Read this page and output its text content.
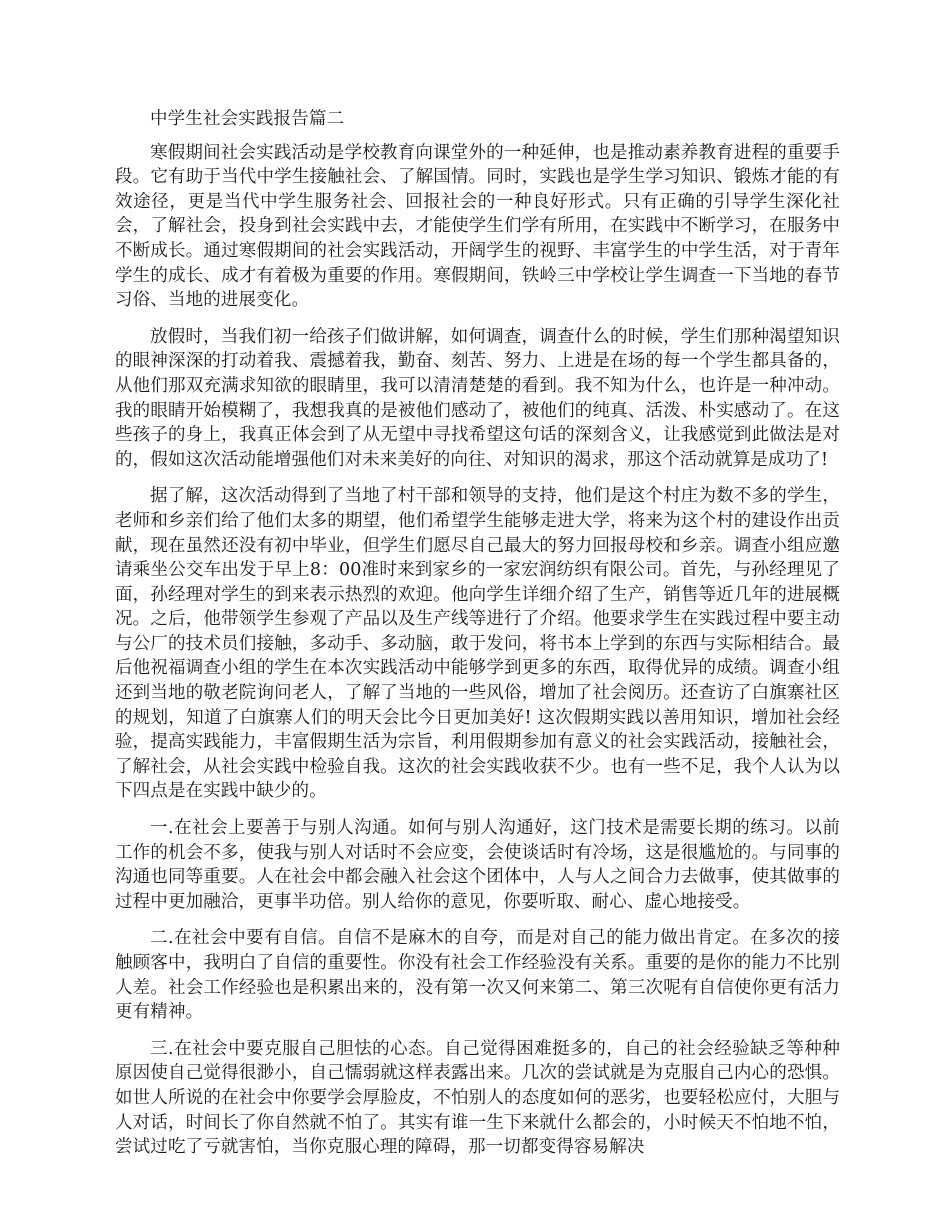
中学生社会实践报告篇二

寒假期间社会实践活动是学校教育向课堂外的一种延伸，也是推动素养教育进程的重要手段。它有助于当代中学生接触社会、了解国情。同时，实践也是学生学习知识、锻炼才能的有效途径，更是当代中学生服务社会、回报社会的一种良好形式。只有正确的引导学生深化社会，了解社会，投身到社会实践中去，才能使学生们学有所用，在实践中不断学习，在服务中不断成长。通过寒假期间的社会实践活动，开阔学生的视野、丰富学生的中学生活，对于青年学生的成长、成才有着极为重要的作用。寒假期间，铁岭三中学校让学生调查一下当地的春节习俗、当地的进展变化。

放假时，当我们初一给孩子们做讲解，如何调查，调查什么的时候，学生们那种渴望知识的眼神深深的打动着我、震撼着我，勤奋、刻苦、努力、上进是在场的每一个学生都具备的，从他们那双充满求知欲的眼睛里，我可以清清楚楚的看到。我不知为什么，也许是一种冲动。我的眼睛开始模糊了，我想我真的是被他们感动了，被他们的纯真、活泼、朴实感动了。在这些孩子的身上，我真正体会到了从无望中寻找希望这句话的深刻含义，让我感觉到此做法是对的，假如这次活动能增强他们对未来美好的向往、对知识的渴求，那这个活动就算是成功了!

据了解，这次活动得到了当地了村干部和领导的支持，他们是这个村庄为数不多的学生，老师和乡亲们给了他们太多的期望，他们希望学生能够走进大学，将来为这个村的建设作出贡献，现在虽然还没有初中毕业，但学生们愿尽自己最大的努力回报母校和乡亲。调查小组应邀请乘坐公交车出发于早上8：00准时来到家乡的一家宏润纺织有限公司。首先，与孙经理见了面，孙经理对学生的到来表示热烈的欢迎。他向学生详细介绍了生产，销售等近几年的进展概况。之后，他带领学生参观了产品以及生产线等进行了介绍。他要求学生在实践过程中要主动与公厂的技术员们接触，多动手、多动脑，敢于发问，将书本上学到的东西与实际相结合。最后他祝福调查小组的学生在本次实践活动中能够学到更多的东西，取得优异的成绩。调查小组还到当地的敬老院询问老人，了解了当地的一些风俗，增加了社会阅历。还查访了白旗寨社区的规划，知道了白旗寨人们的明天会比今日更加美好! 这次假期实践以善用知识，增加社会经验，提高实践能力，丰富假期生活为宗旨，利用假期参加有意义的社会实践活动，接触社会，了解社会，从社会实践中检验自我。这次的社会实践收获不少。也有一些不足，我个人认为以下四点是在实践中缺少的。

一.在社会上要善于与别人沟通。如何与别人沟通好，这门技术是需要长期的练习。以前工作的机会不多，使我与别人对话时不会应变，会使谈话时有冷场，这是很尴尬的。与同事的沟通也同等重要。人在社会中都会融入社会这个团体中，人与人之间合力去做事，使其做事的过程中更加融洽，更事半功倍。别人给你的意见，你要听取、耐心、虚心地接受。

二.在社会中要有自信。自信不是麻木的自夸，而是对自己的能力做出肯定。在多次的接触顾客中，我明白了自信的重要性。你没有社会工作经验没有关系。重要的是你的能力不比别人差。社会工作经验也是积累出来的，没有第一次又何来第二、第三次呢有自信使你更有活力更有精神。

三.在社会中要克服自己胆怯的心态。自己觉得困难挺多的，自己的社会经验缺乏等种种原因使自己觉得很渺小，自己懦弱就这样表露出来。几次的尝试就是为克服自己内心的恐惧。如世人所说的在社会中你要学会厚脸皮，不怕别人的态度如何的恶劣，也要轻松应付，大胆与人对话，时间长了你自然就不怕了。其实有谁一生下来就什么都会的，小时候天不怕地不怕，尝试过吃了亏就害怕，当你克服心理的障碍，那一切都变得容易解决
